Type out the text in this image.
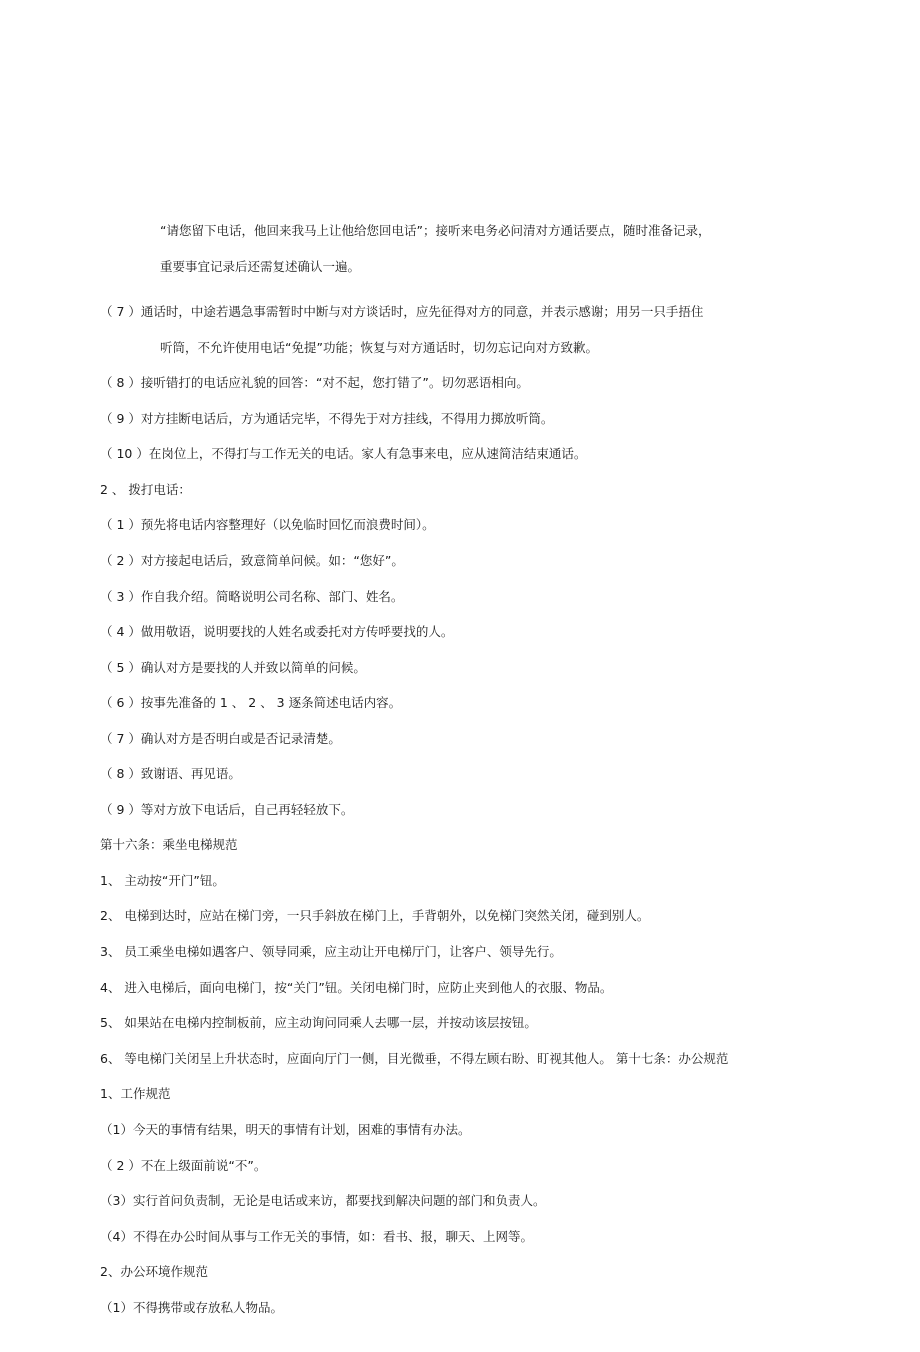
“请您留下电话，他回来我马上让他给您回电话”；接听来电务必问清对方通话要点，随时准备记录，
重要事宜记录后还需复述确认一遍。
（ 7 ）通话时，中途若遇急事需暂时中断与对方谈话时，应先征得对方的同意，并表示感谢；用另一只手捂住
听筒，不允许使用电话“免提”功能；恢复与对方通话时，切勿忘记向对方致歉。
（ 8 ）接听错打的电话应礼貌的回答：“对不起，您打错了”。切勿恶语相向。
（ 9 ）对方挂断电话后，方为通话完毕，不得先于对方挂线，不得用力掷放听筒。
（ 10 ）在岗位上，不得打与工作无关的电话。家人有急事来电，应从速简洁结束通话。
2 、 拨打电话：
（ 1 ）预先将电话内容整理好（以免临时回忆而浪费时间）。
（ 2 ）对方接起电话后，致意简单问候。如：“您好”。
（ 3 ）作自我介绍。简略说明公司名称、部门、姓名。
（ 4 ）做用敬语，说明要找的人姓名或委托对方传呼要找的人。
（ 5 ）确认对方是要找的人并致以简单的问候。
（ 6 ）按事先准备的 1 、 2 、 3 逐条简述电话内容。
（ 7 ）确认对方是否明白或是否记录清楚。
（ 8 ）致谢语、再见语。
（ 9 ）等对方放下电话后，自己再轻轻放下。
第十六条：乘坐电梯规范
1、 主动按“开门”钮。
2、 电梯到达时，应站在梯门旁，一只手斜放在梯门上，手背朝外，以免梯门突然关闭，碰到别人。
3、 员工乘坐电梯如遇客户、领导同乘，应主动让开电梯厅门，让客户、领导先行。
4、 进入电梯后，面向电梯门，按“关门”钮。关闭电梯门时，应防止夹到他人的衣服、物品。
5、 如果站在电梯内控制板前，应主动询问同乘人去哪一层，并按动该层按钮。
6、 等电梯门关闭呈上升状态时，应面向厅门一侧，目光微垂，不得左顾右盼、盯视其他人。 第十七条：办公规范
1、工作规范
（1）今天的事情有结果，明天的事情有计划，困难的事情有办法。
（ 2 ）不在上级面前说“不”。
（3）实行首问负责制，无论是电话或来访，都要找到解决问题的部门和负责人。
（4）不得在办公时间从事与工作无关的事情，如：看书、报，聊天、上网等。
2、办公环境作规范
（1）不得携带或存放私人物品。
